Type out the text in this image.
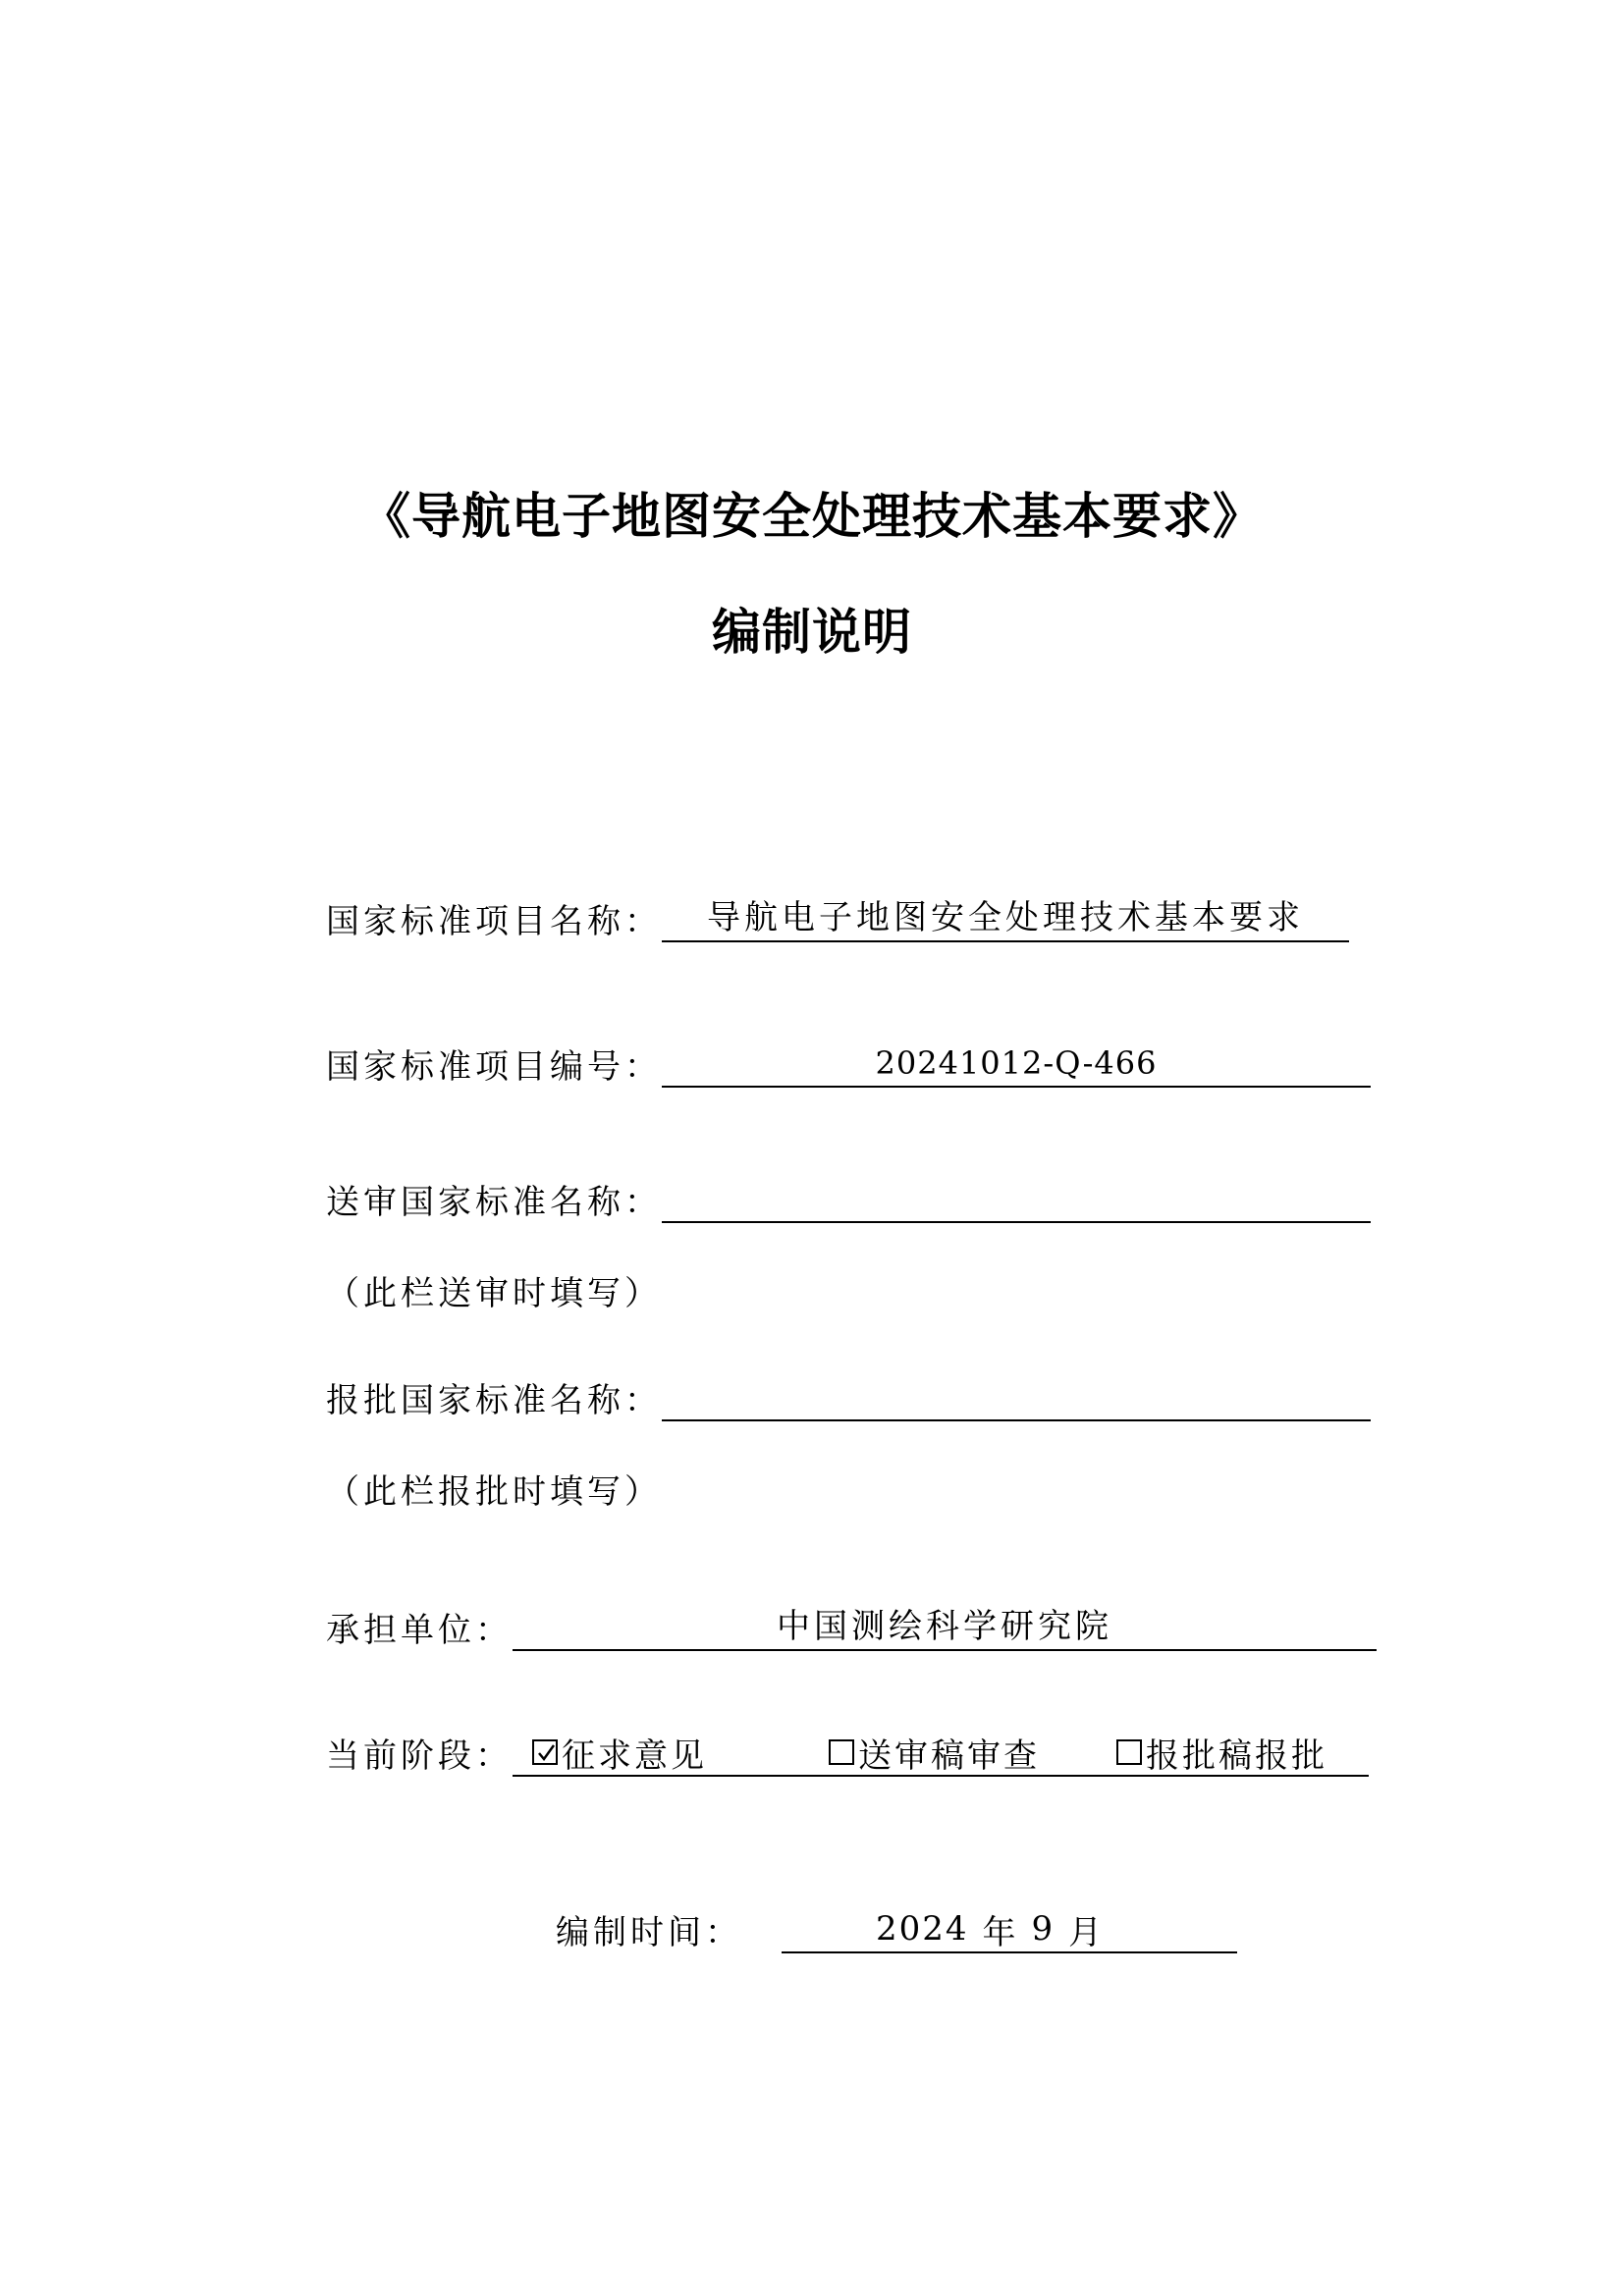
《导航电子地图安全处理技术基本要求》
编制说明
国家标准项目名称：	导航电子地图安全处理技术基本要求
国家标准项目编号：	20241012-Q-466
送审国家标准名称：
（此栏送审时填写）
报批国家标准名称：
（此栏报批时填写）
承担单位：	中国测绘科学研究院
当前阶段： 征求意见	送审稿审查	报批稿报批
编制时间：	2024 年 9 月
